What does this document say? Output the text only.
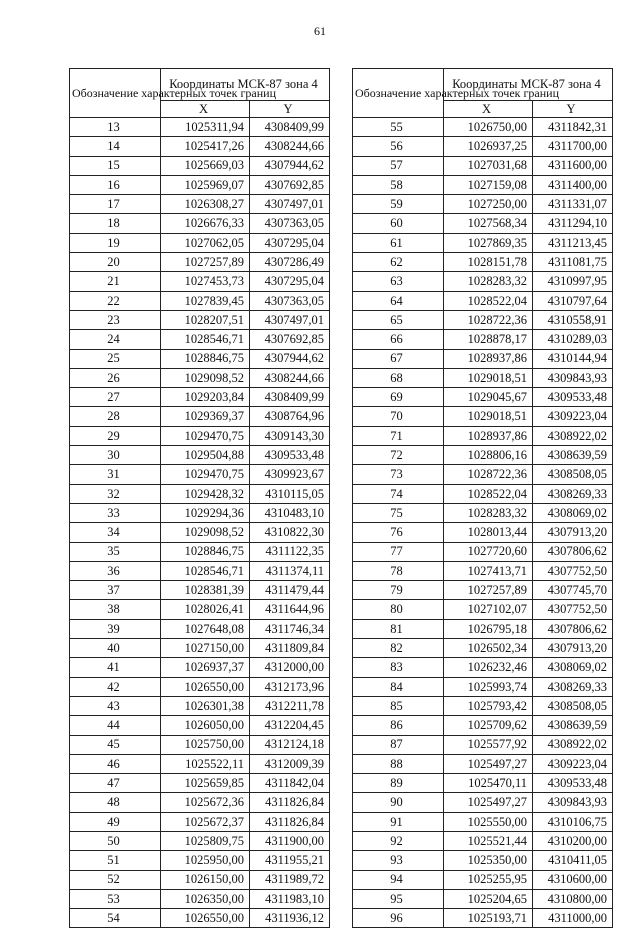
61
Обозначение характерных точек границ	Координаты МСК-87 зона 4	
	X	Y
13	1025311,94	4308409,99
14	1025417,26	4308244,66
15	1025669,03	4307944,62
16	1025969,07	4307692,85
17	1026308,27	4307497,01
18	1026676,33	4307363,05
19	1027062,05	4307295,04
20	1027257,89	4307286,49
21	1027453,73	4307295,04
22	1027839,45	4307363,05
23	1028207,51	4307497,01
24	1028546,71	4307692,85
25	1028846,75	4307944,62
26	1029098,52	4308244,66
27	1029203,84	4308409,99
28	1029369,37	4308764,96
29	1029470,75	4309143,30
30	1029504,88	4309533,48
31	1029470,75	4309923,67
32	1029428,32	4310115,05
33	1029294,36	4310483,10
34	1029098,52	4310822,30
35	1028846,75	4311122,35
36	1028546,71	4311374,11
37	1028381,39	4311479,44
38	1028026,41	4311644,96
39	1027648,08	4311746,34
40	1027150,00	4311809,84
41	1026937,37	4312000,00
42	1026550,00	4312173,96
43	1026301,38	4312211,78
44	1026050,00	4312204,45
45	1025750,00	4312124,18
46	1025522,11	4312009,39
47	1025659,85	4311842,04
48	1025672,36	4311826,84
49	1025672,37	4311826,84
50	1025809,75	4311900,00
51	1025950,00	4311955,21
52	1026150,00	4311989,72
53	1026350,00	4311983,10
54	1026550,00	4311936,12
Обозначение характерных точек границ	Координаты МСК-87 зона 4	
	X	Y
55	1026750,00	4311842,31
56	1026937,25	4311700,00
57	1027031,68	4311600,00
58	1027159,08	4311400,00
59	1027250,00	4311331,07
60	1027568,34	4311294,10
61	1027869,35	4311213,45
62	1028151,78	4311081,75
63	1028283,32	4310997,95
64	1028522,04	4310797,64
65	1028722,36	4310558,91
66	1028878,17	4310289,03
67	1028937,86	4310144,94
68	1029018,51	4309843,93
69	1029045,67	4309533,48
70	1029018,51	4309223,04
71	1028937,86	4308922,02
72	1028806,16	4308639,59
73	1028722,36	4308508,05
74	1028522,04	4308269,33
75	1028283,32	4308069,02
76	1028013,44	4307913,20
77	1027720,60	4307806,62
78	1027413,71	4307752,50
79	1027257,89	4307745,70
80	1027102,07	4307752,50
81	1026795,18	4307806,62
82	1026502,34	4307913,20
83	1026232,46	4308069,02
84	1025993,74	4308269,33
85	1025793,42	4308508,05
86	1025709,62	4308639,59
87	1025577,92	4308922,02
88	1025497,27	4309223,04
89	1025470,11	4309533,48
90	1025497,27	4309843,93
91	1025550,00	4310106,75
92	1025521,44	4310200,00
93	1025350,00	4310411,05
94	1025255,95	4310600,00
95	1025204,65	4310800,00
96	1025193,71	4311000,00
